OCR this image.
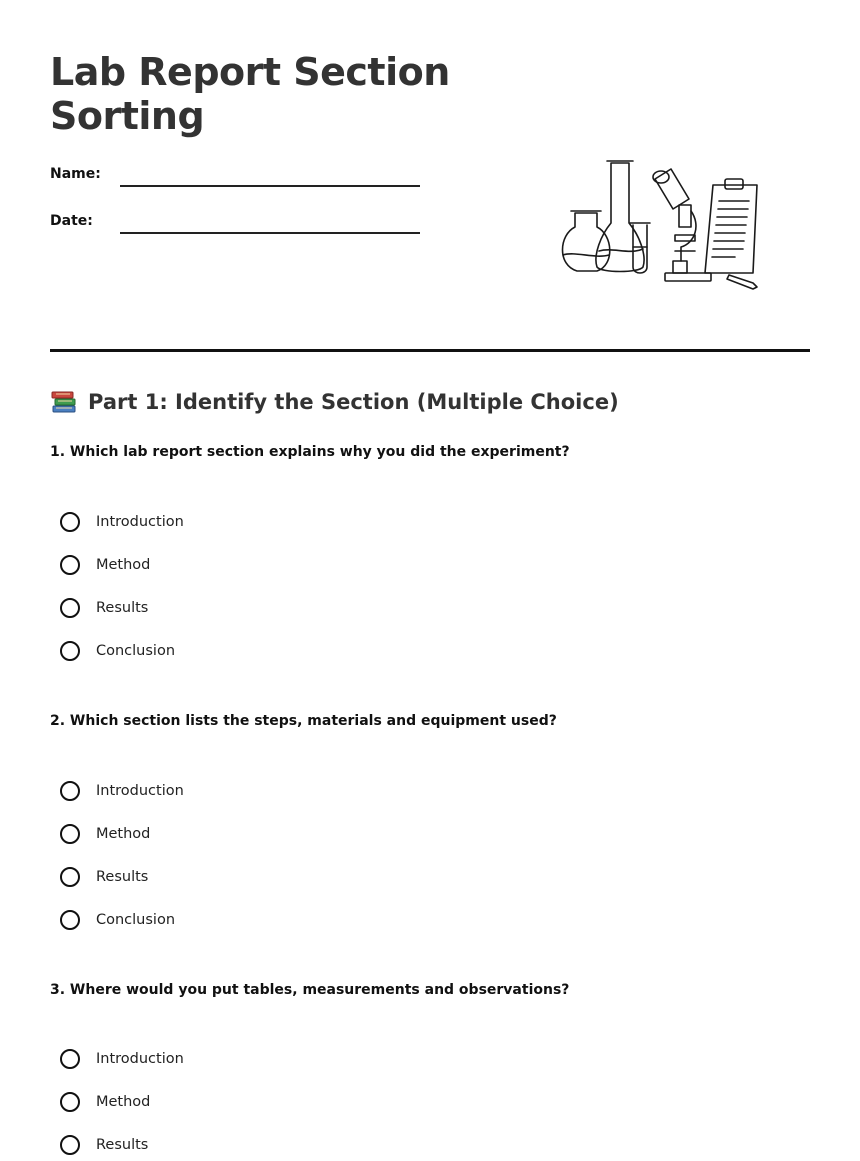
Lab Report Section
Sorting
Name:
Date:
Part 1: Identify the Section (Multiple Choice)

1. Which lab report section explains why you did the experiment?

Introduction
Method
Results
Conclusion

2. Which section lists the steps, materials and equipment used?

Introduction
Method
Results
Conclusion

3. Where would you put tables, measurements and observations?

Introduction
Method
Results
